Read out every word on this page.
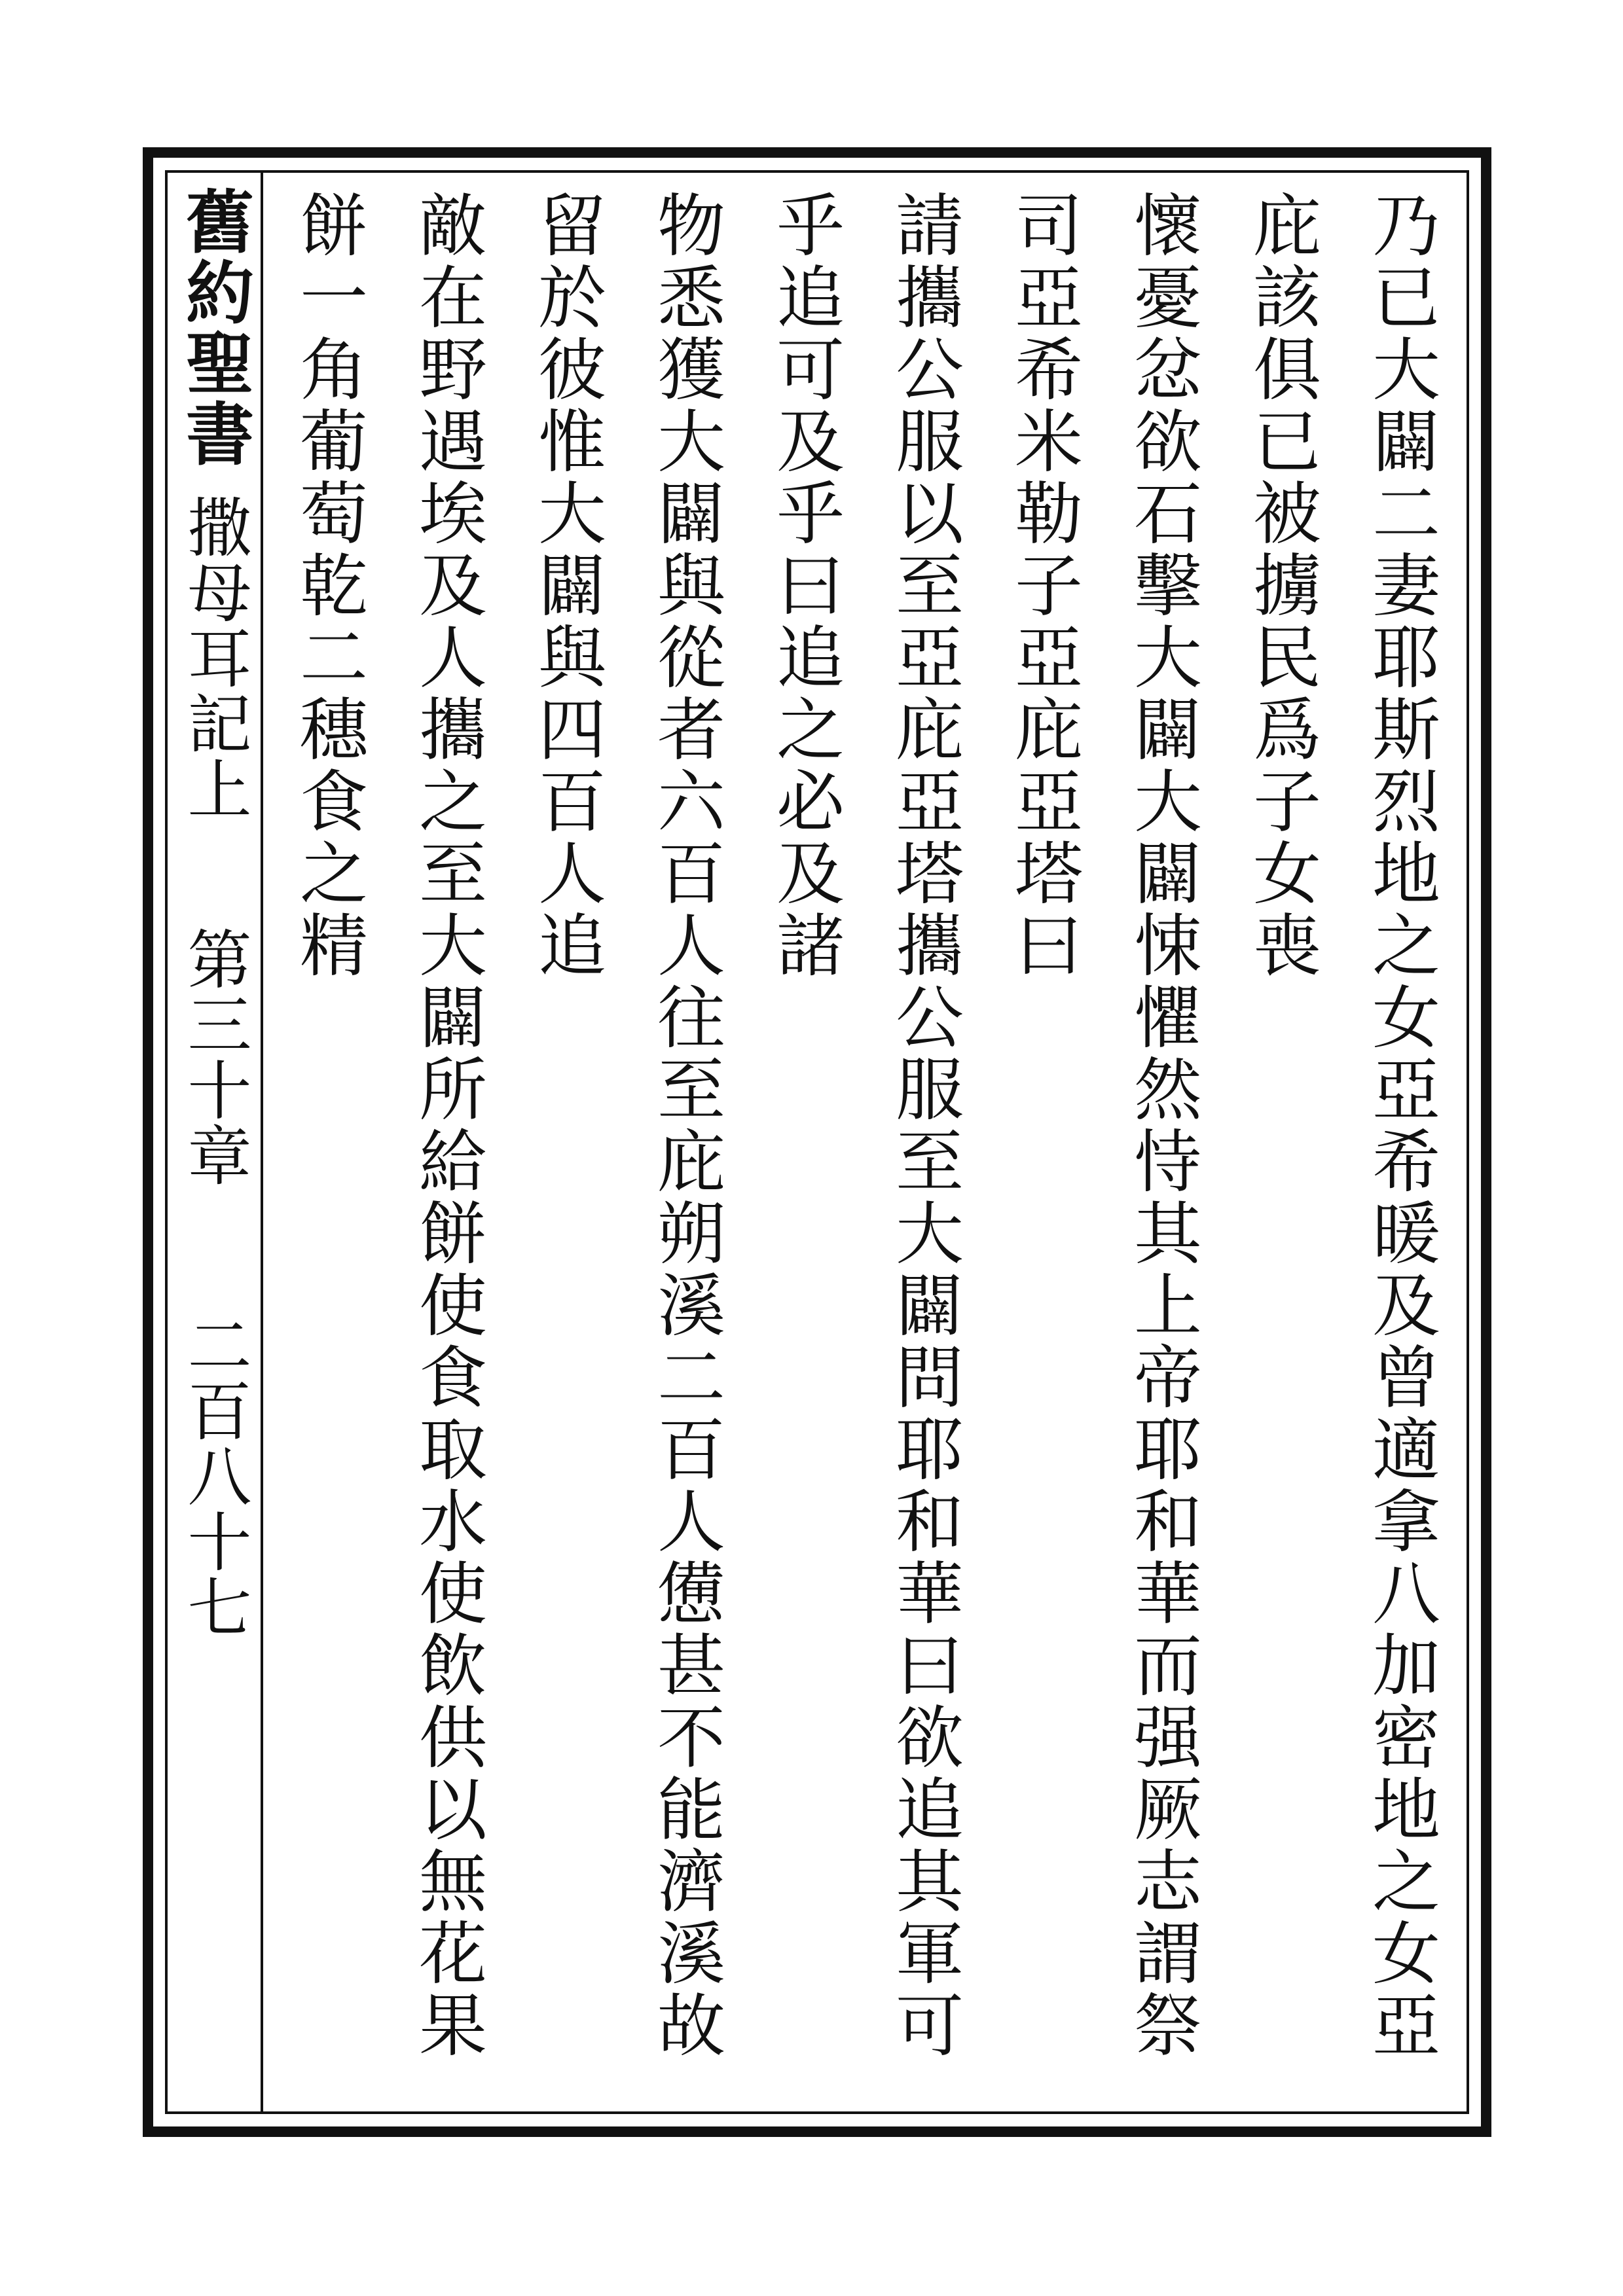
舊約聖書
撒母耳記上
第三十章
二百八十七	乃已大闢二妻耶斯烈地之女亞希暖及曾適拿八加密地之女亞庇該俱已被擄民爲子女喪

懷憂忿欲石擊大闢大闢悚懼然恃其上帝耶和華而强厥志謂祭司亞希米勒子亞庇亞塔曰

請攜公服以至亞庇亞塔攜公服至大闢問耶和華曰欲追其軍可乎追可及乎曰追之必及諸

物悉獲大闢與從者六百人往至庇朔溪二百人憊甚不能濟溪故留於彼惟大闢與四百人追

敵在野遇埃及人攜之至大闢所給餅使食取水使飲供以無花果餅一角葡萄乾二穗食之精
